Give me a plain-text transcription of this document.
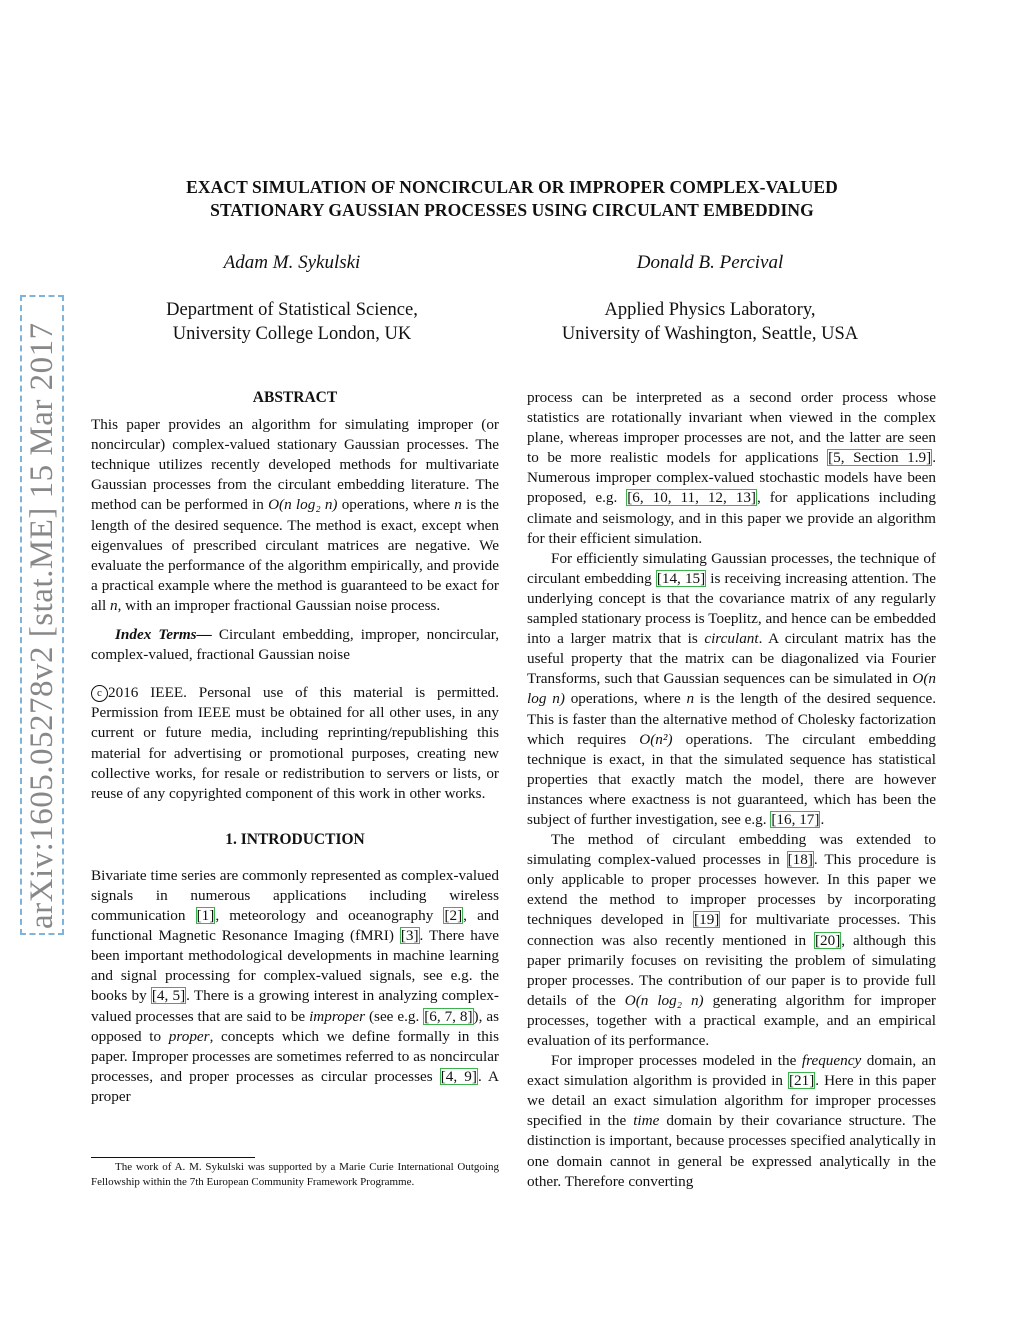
arXiv:1605.05278v2 [stat.ME] 15 Mar 2017
EXACT SIMULATION OF NONCIRCULAR OR IMPROPER COMPLEX-VALUED
STATIONARY GAUSSIAN PROCESSES USING CIRCULANT EMBEDDING
Adam M. Sykulski	Donald B. Percival
Department of Statistical Science,
University College London, UK
Applied Physics Laboratory,
University of Washington, Seattle, USA

ABSTRACT

This paper provides an algorithm for simulating improper (or noncircular) complex-valued stationary Gaussian processes. The technique utilizes recently developed methods for multivariate Gaussian processes from the circulant embedding literature. The method can be performed in O(n log₂ n) operations, where n is the length of the desired sequence. The method is exact, except when eigenvalues of prescribed circulant matrices are negative. We evaluate the performance of the algorithm empirically, and provide a practical example where the method is guaranteed to be exact for all n, with an improper fractional Gaussian noise process.

Index Terms— Circulant embedding, improper, noncircular, complex-valued, fractional Gaussian noise

c 2016 IEEE. Personal use of this material is permitted. Permission from IEEE must be obtained for all other uses, in any current or future media, including reprinting/republishing this material for advertising or promotional purposes, creating new collective works, for resale or redistribution to servers or lists, or reuse of any copyrighted component of this work in other works.

1. INTRODUCTION

Bivariate time series are commonly represented as complex-valued signals in numerous applications including wireless communication [1], meteorology and oceanography [2], and functional Magnetic Resonance Imaging (fMRI) [3]. There have been important methodological developments in machine learning and signal processing for complex-valued signals, see e.g. the books by [4, 5]. There is a growing interest in analyzing complex-valued processes that are said to be improper (see e.g. [6, 7, 8]), as opposed to proper, concepts which we define formally in this paper. Improper processes are sometimes referred to as noncircular processes, and proper processes as circular processes [4, 9]. A proper

The work of A. M. Sykulski was supported by a Marie Curie International Outgoing Fellowship within the 7th European Community Framework Programme.

process can be interpreted as a second order process whose statistics are rotationally invariant when viewed in the complex plane, whereas improper processes are not, and the latter are seen to be more realistic models for applications [5, Section 1.9]. Numerous improper complex-valued stochastic models have been proposed, e.g. [6, 10, 11, 12, 13], for applications including climate and seismology, and in this paper we provide an algorithm for their efficient simulation.

For efficiently simulating Gaussian processes, the technique of circulant embedding [14, 15] is receiving increasing attention. The underlying concept is that the covariance matrix of any regularly sampled stationary process is Toeplitz, and hence can be embedded into a larger matrix that is circulant. A circulant matrix has the useful property that the matrix can be diagonalized via Fourier Transforms, such that Gaussian sequences can be simulated in O(n log n) operations, where n is the length of the desired sequence. This is faster than the alternative method of Cholesky factorization which requires O(n²) operations. The circulant embedding technique is exact, in that the simulated sequence has statistical properties that exactly match the model, there are however instances where exactness is not guaranteed, which has been the subject of further investigation, see e.g. [16, 17].

The method of circulant embedding was extended to simulating complex-valued processes in [18]. This procedure is only applicable to proper processes however. In this paper we extend the method to improper processes by incorporating techniques developed in [19] for multivariate processes. This connection was also recently mentioned in [20], although this paper primarily focuses on revisiting the problem of simulating proper processes. The contribution of our paper is to provide full details of the O(n log₂ n) generating algorithm for improper processes, together with a practical example, and an empirical evaluation of its performance.

For improper processes modeled in the frequency domain, an exact simulation algorithm is provided in [21]. Here in this paper we detail an exact simulation algorithm for improper processes specified in the time domain by their covariance structure. The distinction is important, because processes specified analytically in one domain cannot in general be expressed analytically in the other. Therefore converting
